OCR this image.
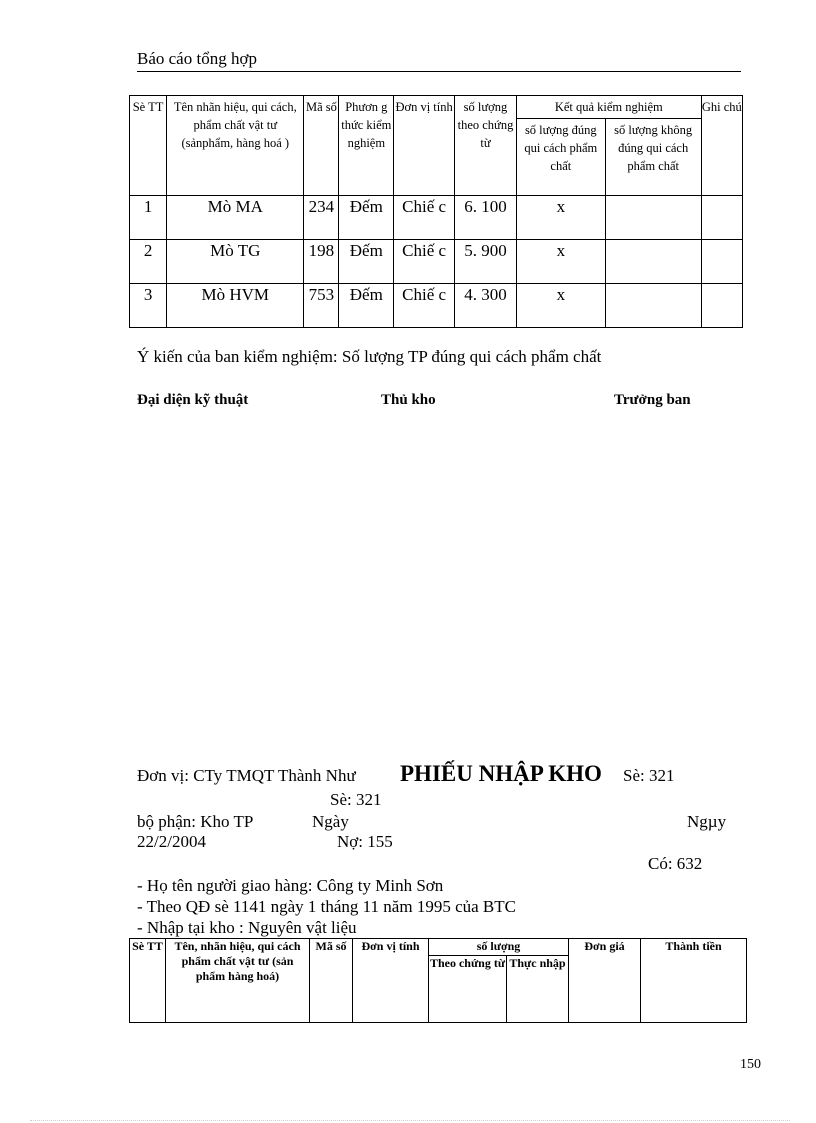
Báo cáo tổng hợp
Sè TT	Tên nhãn hiệu, qui cách, phẩm chất vật tư (sảnphẩm, hàng hoá )	Mã số	Phươn g thức kiểm nghiệm	Đơn vị tính	số lượng theo chứng từ	Kết quả kiểm nghiệm		Ghi chú
						số lượng đúng qui cách phẩm chất	số lượng không đúng qui cách phẩm chất	
1	Mò MA	234	Đếm	Chiế c	6. 100	x		
2	Mò TG	198	Đếm	Chiế c	5. 900	x		
3	Mò HVM	753	Đếm	Chiế c	4. 300	x		
Ý kiến của ban kiểm nghiệm: Số lượng TP đúng qui cách phẩm chất
Đại diện kỹ thuật	Thủ kho	Trưởng ban
Đơn vị: CTy TMQT Thành Như PHIẾU NHẬP KHO Sè: 321
Sè: 321
bộ phận: Kho TP	Ngày	Ngµy
22/2/2004	Nợ: 155
Có: 632
- Họ tên người giao hàng: Công ty Minh Sơn
- Theo QĐ sè 1141 ngày 1 tháng 11 năm 1995 của BTC
- Nhập tại kho : Nguyên vật liệu
Sè TT	Tên, nhãn hiệu, qui cách phẩm chất vật tư (sản phẩm hàng hoá)	Mã số	Đơn vị tính	số lượng		Đơn giá	Thành tiền
				Theo chứng từ	Thực nhập		
150
